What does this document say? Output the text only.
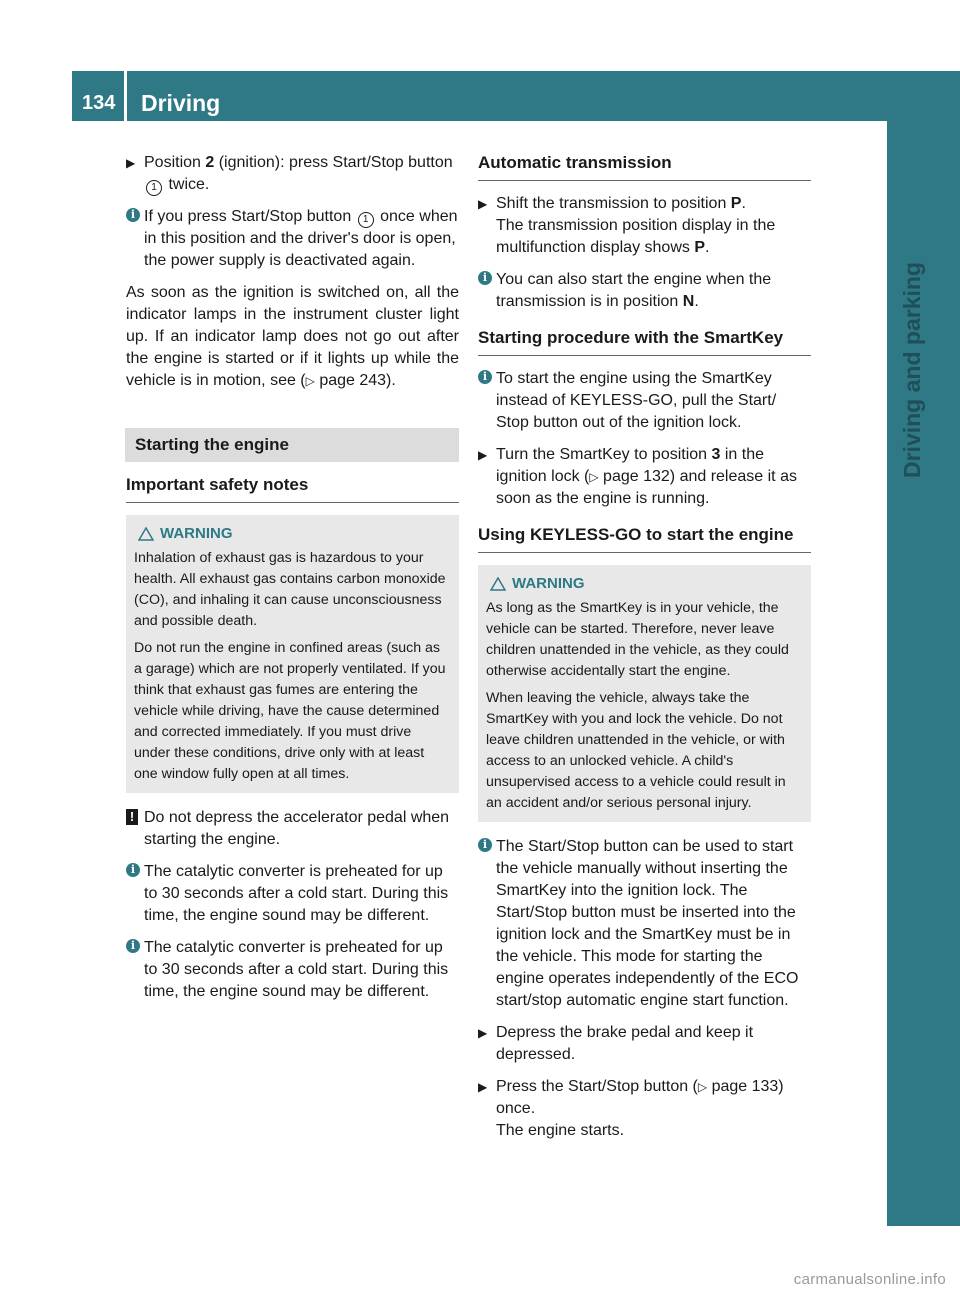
134 Driving
Driving and parking
▶ Position 2 (ignition): press Start/Stop button 1 twice.
i If you press Start/Stop button 1 once when in this position and the driver's door is open, the power supply is deactivated again.

As soon as the ignition is switched on, all the indicator lamps in the instrument cluster light up. If an indicator lamp does not go out after the engine is started or if it lights up while the vehicle is in motion, see (▷ page 243).

Starting the engine
Important safety notes
WARNING

Inhalation of exhaust gas is hazardous to your health. All exhaust gas contains carbon monoxide (CO), and inhaling it can cause unconsciousness and possible death.

Do not run the engine in confined areas (such as a garage) which are not properly ventilated. If you think that exhaust gas fumes are entering the vehicle while driving, have the cause determined and corrected immediately. If you must drive under these conditions, drive only with at least one window fully open at all times.

! Do not depress the accelerator pedal when starting the engine.
i The catalytic converter is preheated for up to 30 seconds after a cold start. During this time, the engine sound may be different.
i The catalytic converter is preheated for up to 30 seconds after a cold start. During this time, the engine sound may be different.
Automatic transmission
▶ Shift the transmission to position P.
The transmission position display in the multifunction display shows P.
i You can also start the engine when the transmission is in position N.
Starting procedure with the SmartKey
i To start the engine using the SmartKey instead of KEYLESS-GO, pull the Start/ Stop button out of the ignition lock.
▶ Turn the SmartKey to position 3 in the ignition lock (▷ page 132) and release it as soon as the engine is running.
Using KEYLESS-GO to start the engine
WARNING

As long as the SmartKey is in your vehicle, the vehicle can be started. Therefore, never leave children unattended in the vehicle, as they could otherwise accidentally start the engine.

When leaving the vehicle, always take the SmartKey with you and lock the vehicle. Do not leave children unattended in the vehicle, or with access to an unlocked vehicle. A child's unsupervised access to a vehicle could result in an accident and/or serious personal injury.

i The Start/Stop button can be used to start the vehicle manually without inserting the SmartKey into the ignition lock. The Start/Stop button must be inserted into the ignition lock and the SmartKey must be in the vehicle. This mode for starting the engine operates independently of the ECO start/stop automatic engine start function.
▶ Depress the brake pedal and keep it depressed.
▶ Press the Start/Stop button (▷ page 133) once.
The engine starts.
carmanualsonline.info
